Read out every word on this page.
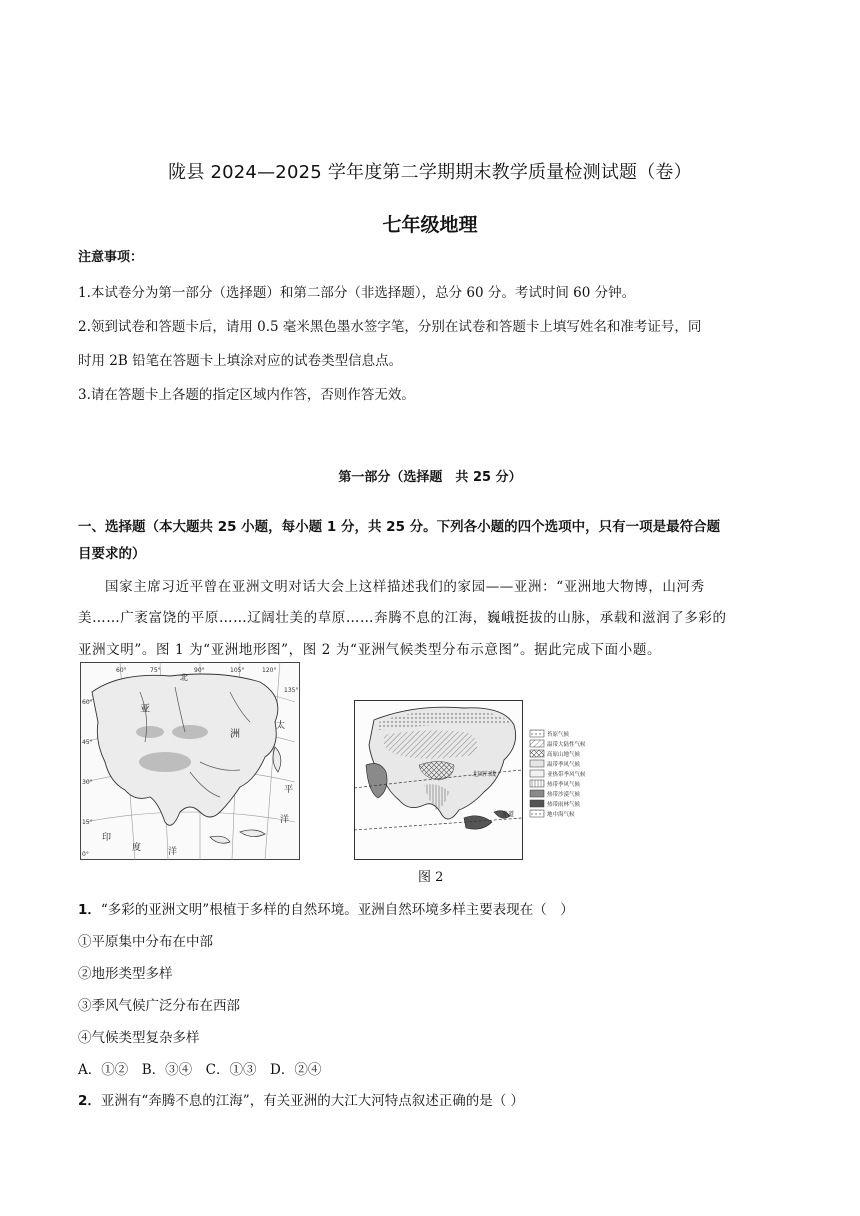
陇县 2024—2025 学年度第二学期期末教学质量检测试题（卷）
七年级地理
注意事项：
1.本试卷分为第一部分（选择题）和第二部分（非选择题），总分 60 分。考试时间 60 分钟。
2.领到试卷和答题卡后，请用 0.5 毫米黑色墨水签字笔，分别在试卷和答题卡上填写姓名和准考证号，同
时用 2B 铅笔在答题卡上填涂对应的试卷类型信息点。
3.请在答题卡上各题的指定区域内作答，否则作答无效。
第一部分（选择题　共 25 分）
一、选择题（本大题共 25 小题，每小题 1 分，共 25 分。下列各小题的四个选项中，只有一项是最符合题
目要求的）
国家主席习近平曾在亚洲文明对话大会上这样描述我们的家园——亚洲：“亚洲地大物博，山河秀
美……广袤富饶的平原……辽阔壮美的草原……奔腾不息的江海，巍峨挺拔的山脉，承载和滋润了多彩的
亚洲文明”。图 1 为“亚洲地形图”，图 2 为“亚洲气候类型分布示意图”。据此完成下面小题。
60°	75°	90°	105°	120°
135°
60°
45°
30°
15°
0°
北
亚
洲
太
平
洋
印
度	洋
北回归线
赤道
苔原气候
温带大陆性气候
高原山地气候
温带季风气候
亚热带季风气候
热带季风气候
热带沙漠气候
热带雨林气候
地中海气候
图 2
1．“多彩的亚洲文明”根植于多样的自然环境。亚洲自然环境多样主要表现在（　）
①平原集中分布在中部
②地形类型多样
③季风气候广泛分布在西部
④气候类型复杂多样
A．①②　B．③④　C．①③　D．②④
2．亚洲有“奔腾不息的江海”，有关亚洲的大江大河特点叙述正确的是（ ）
